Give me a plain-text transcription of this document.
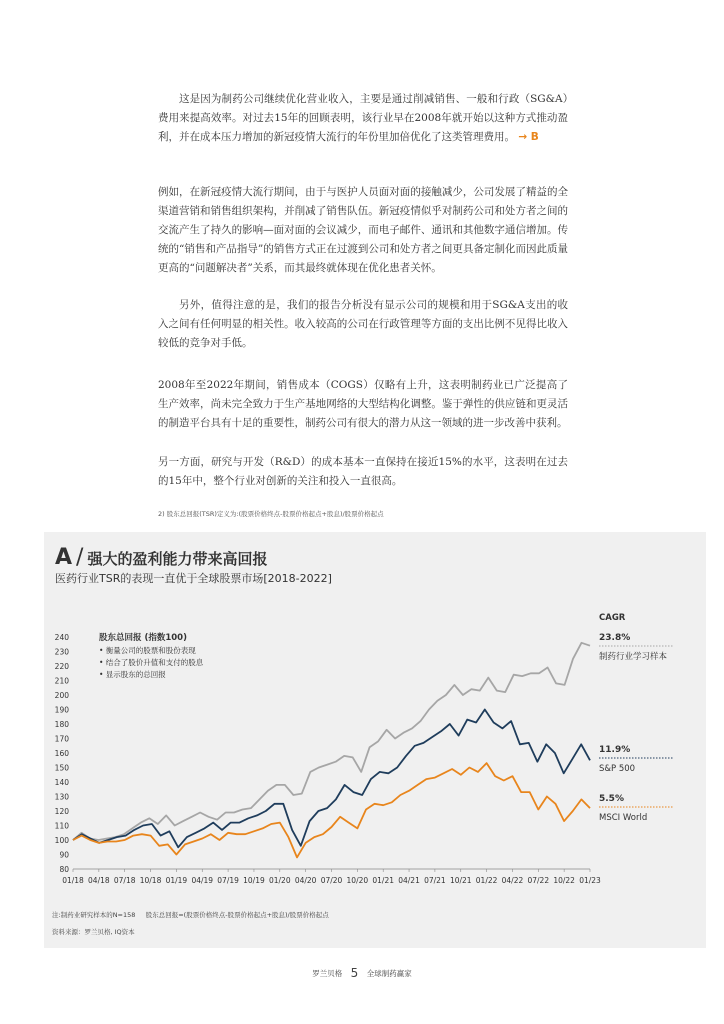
这是因为制药公司继续优化营业收入，主要是通过削减销售、一般和行政（SG&A）费用来提高效率。对过去15年的回顾表明，该行业早在2008年就开始以这种方式推动盈利，并在成本压力增加的新冠疫情大流行的年份里加倍优化了这类管理费用。 → B

例如，在新冠疫情大流行期间，由于与医护人员面对面的接触减少，公司发展了精益的全渠道营销和销售组织架构，并削减了销售队伍。新冠疫情似乎对制药公司和处方者之间的交流产生了持久的影响—面对面的会议减少，而电子邮件、通讯和其他数字通信增加。传统的“销售和产品指导”的销售方式正在过渡到公司和处方者之间更具备定制化而因此质量更高的“问题解决者”关系，而其最终就体现在优化患者关怀。

另外，值得注意的是，我们的报告分析没有显示公司的规模和用于SG&A支出的收入之间有任何明显的相关性。收入较高的公司在行政管理等方面的支出比例不见得比收入较低的竞争对手低。

2008年至2022年期间，销售成本（COGS）仅略有上升，这表明制药业已广泛提高了生产效率，尚未完全致力于生产基地网络的大型结构化调整。鉴于弹性的供应链和更灵活的制造平台具有十足的重要性，制药公司有很大的潜力从这一领域的进一步改善中获利。

另一方面，研究与开发（R&D）的成本基本一直保持在接近15%的水平，这表明在过去的15年中，整个行业对创新的关注和投入一直很高。

2) 股东总回报(TSR)定义为:(股票价格终点-股票价格起点+股息)/股票价格起点
A / 强大的盈利能力带来高回报
医药行业TSR的表现一直优于全球股票市场[2018-2022]
80
90
100
110
120
130
140
150
160
170
180
190
200
210
220
230
240
01/18 04/18 07/18 10/18 01/19 04/19 07/19 10/19 01/20 04/20 07/20 10/20 01/21 04/21 07/21 10/21 01/22 04/22 07/22 10/22 01/23
股东总回报 (指数100)
• 衡量公司的股票和股份表现
• 结合了股价升值和支付的股息
• 显示股东的总回报
CAGR
23.8%
制药行业学习样本
11.9%
S&P 500
5.5%
MSCI World
注:制药业研究样本的N=158     股东总回报=(股票价格终点-股票价格起点+股息)/股票价格起点
资料来源：罗兰贝格, IQ资本
罗兰贝格 5 全球制药赢家
